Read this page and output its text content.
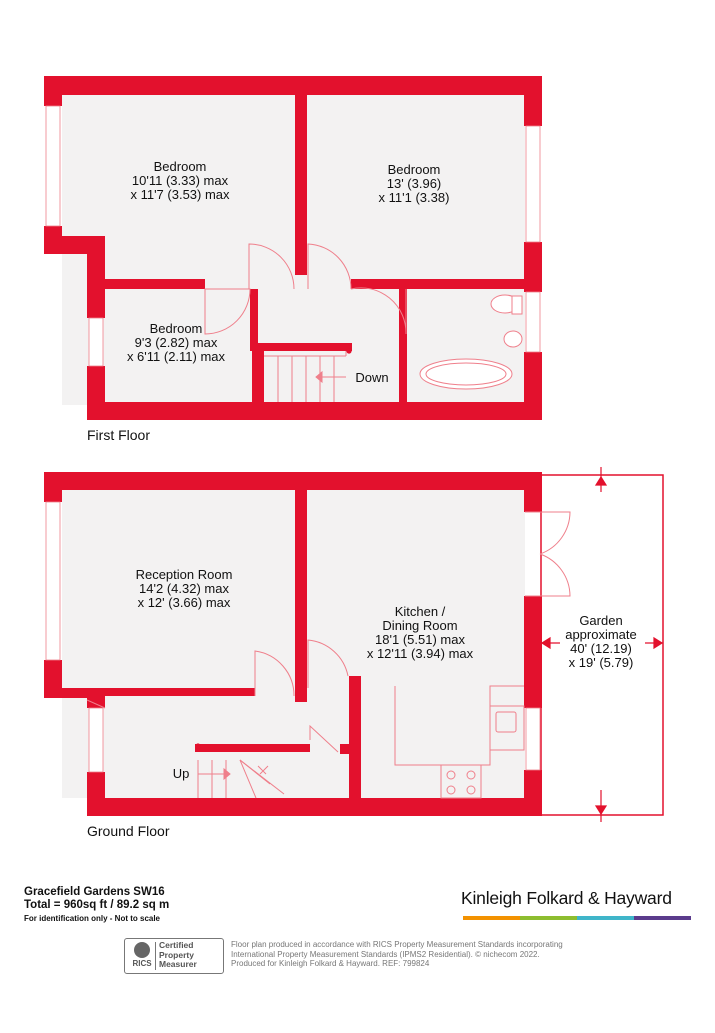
Bedroom
10'11 (3.33) max
x 11'7 (3.53) max
Bedroom
13' (3.96)
x 11'1 (3.38)
Bedroom
9'3 (2.82) max
x 6'11 (2.11) max
Down
First Floor
Reception Room
14'2 (4.32) max
x 12' (3.66) max
Kitchen /
Dining Room
18'1 (5.51) max
x 12'11 (3.94) max
Garden
approximate
40' (12.19)
x 19' (5.79)
Up
Ground Floor
Gracefield Gardens SW16
Total = 960sq ft / 89.2 sq m
For identification only - Not to scale
Kinleigh Folkard & Hayward
RICS
Certified
Property
Measurer
Floor plan produced in accordance with RICS Property Measurement Standards incorporating
International Property Measurement Standards (IPMS2 Residential). © nichecom 2022.
Produced for Kinleigh Folkard & Hayward. REF: 799824
